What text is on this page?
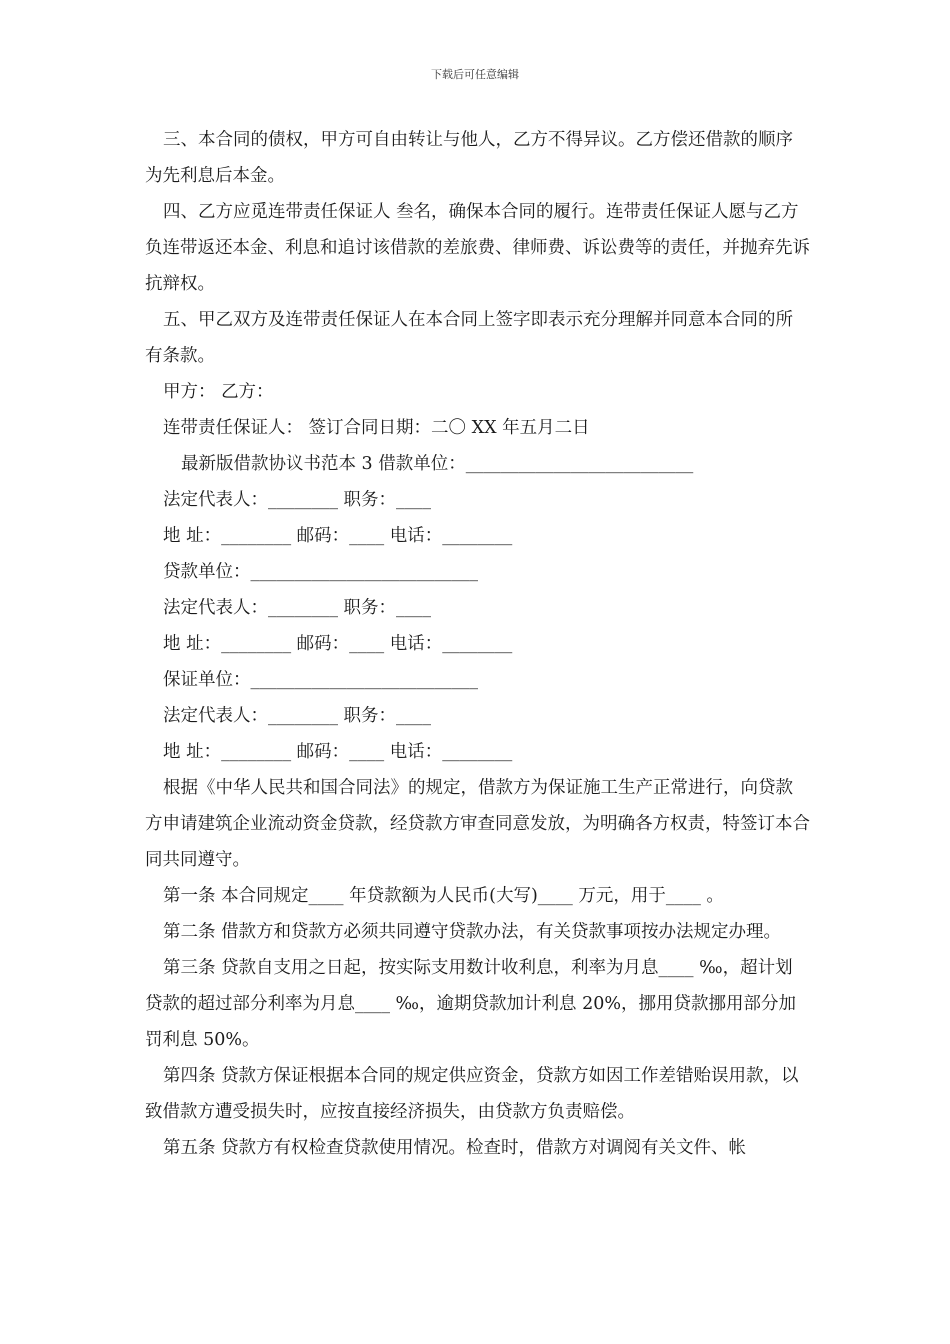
下载后可任意编辑

三、本合同的债权，甲方可自由转让与他人，乙方不得异议。乙方偿还借款的顺序为先利息后本金。

四、乙方应觅连带责任保证人 叁名，确保本合同的履行。连带责任保证人愿与乙方负连带返还本金、利息和追讨该借款的差旅费、律师费、诉讼费等的责任，并抛弃先诉抗辩权。

五、甲乙双方及连带责任保证人在本合同上签字即表示充分理解并同意本合同的所有条款。

甲方： 乙方：

连带责任保证人： 签订合同日期：二〇 XX 年五月二日

最新版借款协议书范本 3 借款单位：__________________________

法定代表人：________ 职务：____

地 址：________ 邮码：____ 电话：________

贷款单位：__________________________

法定代表人：________ 职务：____

地 址：________ 邮码：____ 电话：________

保证单位：__________________________

法定代表人：________ 职务：____

地 址：________ 邮码：____ 电话：________

根据《中华人民共和国合同法》的规定，借款方为保证施工生产正常进行，向贷款方申请建筑企业流动资金贷款，经贷款方审查同意发放，为明确各方权责，特签订本合同共同遵守。

第一条 本合同规定____ 年贷款额为人民币(大写)____ 万元，用于____ 。

第二条 借款方和贷款方必须共同遵守贷款办法，有关贷款事项按办法规定办理。

第三条 贷款自支用之日起，按实际支用数计收利息，利率为月息____ ‰，超计划贷款的超过部分利率为月息____ ‰，逾期贷款加计利息 20%，挪用贷款挪用部分加罚利息 50%。

第四条 贷款方保证根据本合同的规定供应资金，贷款方如因工作差错贻误用款，以致借款方遭受损失时，应按直接经济损失，由贷款方负责赔偿。

第五条 贷款方有权检查贷款使用情况。检查时，借款方对调阅有关文件、帐
